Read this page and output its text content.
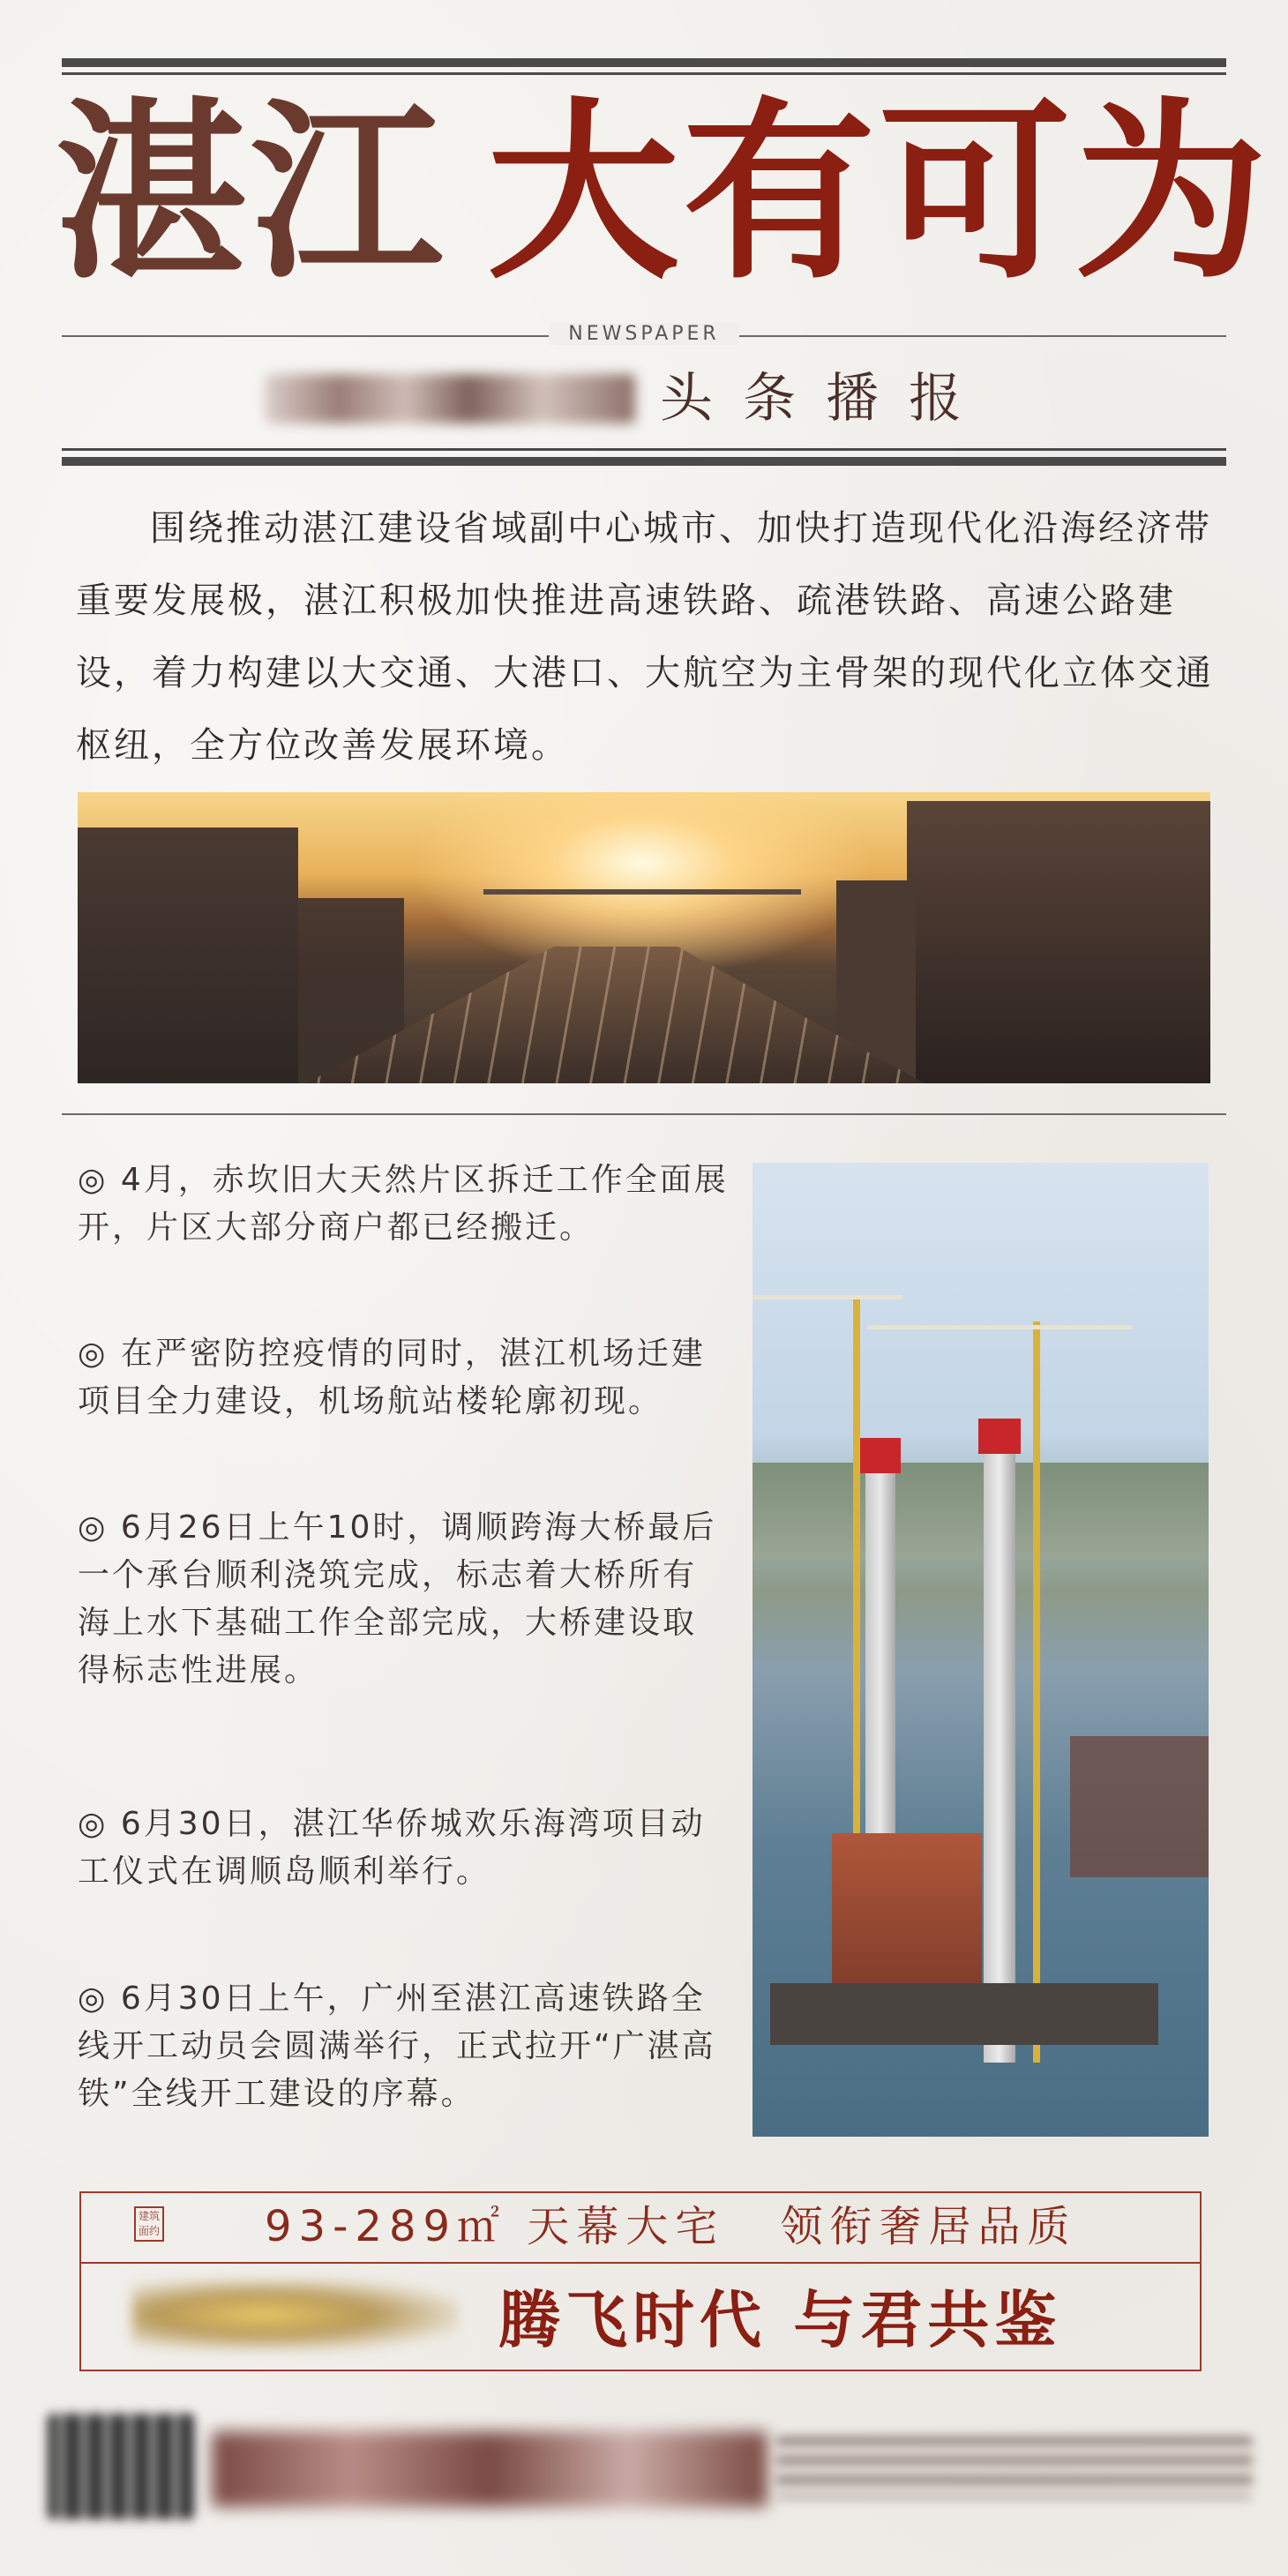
湛江 大有可为
NEWSPAPER
头条播报

围绕推动湛江建设省域副中心城市、加快打造现代化沿海经济带重要发展极，湛江积极加快推进高速铁路、疏港铁路、高速公路建设，着力构建以大交通、大港口、大航空为主骨架的现代化立体交通枢纽，全方位改善发展环境。

◎ 4月，赤坎旧大天然片区拆迁工作全面展开，片区大部分商户都已经搬迁。

◎ 在严密防控疫情的同时，湛江机场迁建项目全力建设，机场航站楼轮廓初现。

◎ 6月26日上午10时，调顺跨海大桥最后一个承台顺利浇筑完成，标志着大桥所有海上水下基础工作全部完成，大桥建设取得标志性进展。

◎ 6月30日，湛江华侨城欢乐海湾项目动工仪式在调顺岛顺利举行。

◎ 6月30日上午，广州至湛江高速铁路全线开工动员会圆满举行，正式拉开“广湛高铁”全线开工建设的序幕。

建筑面约 93-289㎡ 天幕大宅 领衔奢居品质
腾飞时代 与君共鉴
